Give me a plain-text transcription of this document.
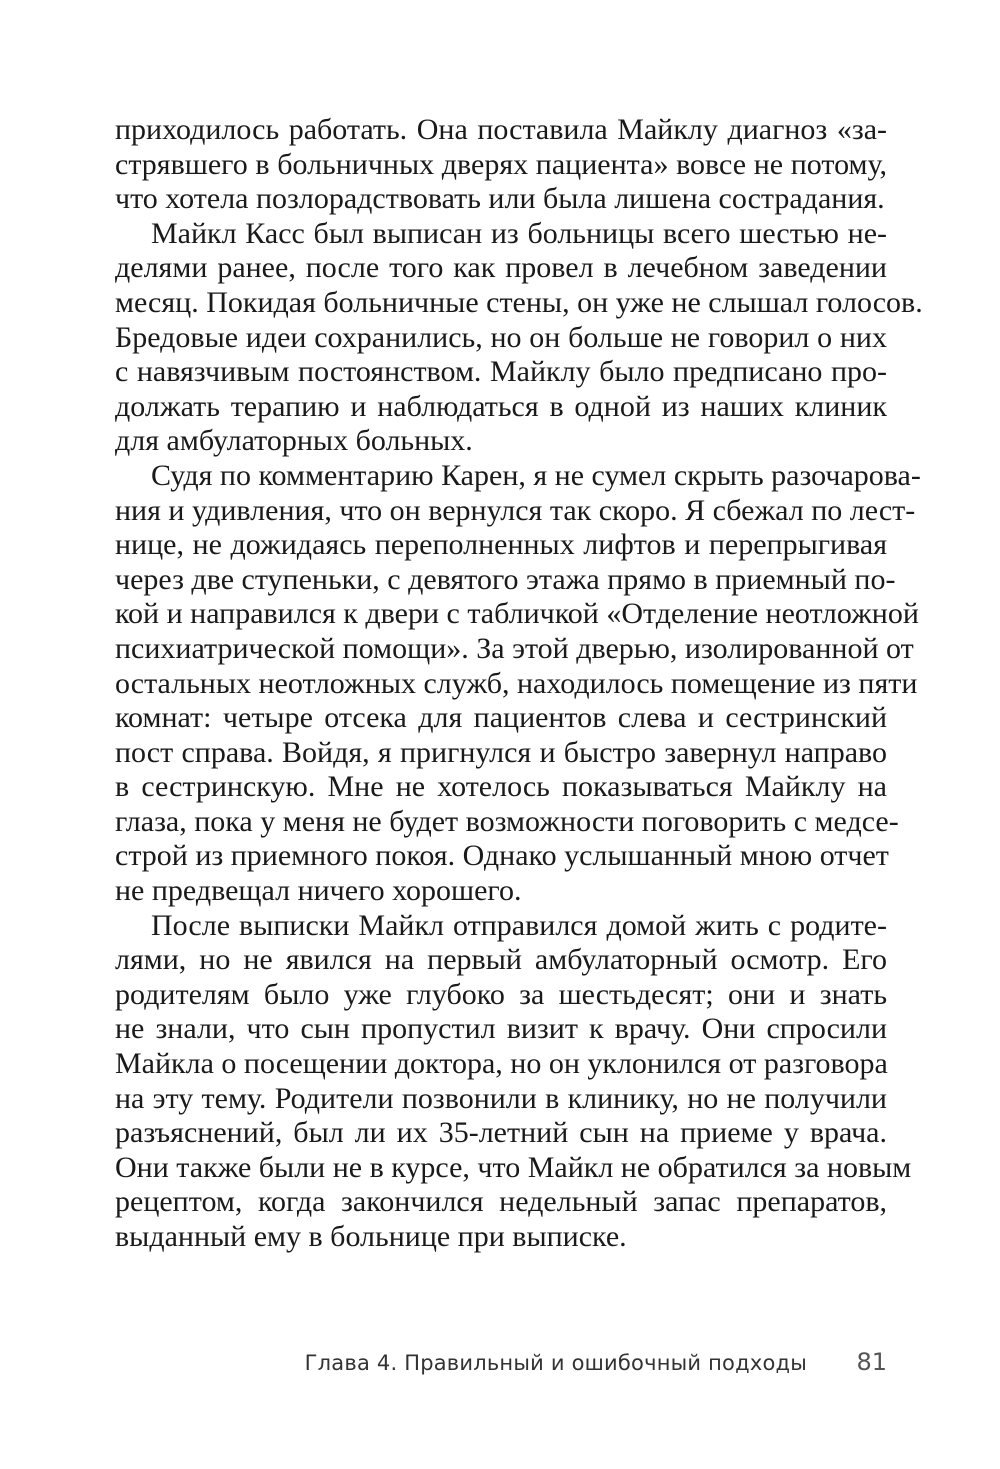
приходилось работать. Она поставила Майклу диагноз «за-
стрявшего в больничных дверях пациента» вовсе не потому,
что хотела позлорадствовать или была лишена сострадания.
Майкл Касс был выписан из больницы всего шестью не-
делями ранее, после того как провел в лечебном заведении
месяц. Покидая больничные стены, он уже не слышал голосов.
Бредовые идеи сохранились, но он больше не говорил о них
с навязчивым постоянством. Майклу было предписано про-
должать терапию и наблюдаться в одной из наших клиник
для амбулаторных больных.
Судя по комментарию Карен, я не сумел скрыть разочарова-
ния и удивления, что он вернулся так скоро. Я сбежал по лест-
нице, не дожидаясь переполненных лифтов и перепрыгивая
через две ступеньки, с девятого этажа прямо в приемный по-
кой и направился к двери с табличкой «Отделение неотложной
психиатрической помощи». За этой дверью, изолированной от
остальных неотложных служб, находилось помещение из пяти
комнат: четыре отсека для пациентов слева и сестринский
пост справа. Войдя, я пригнулся и быстро завернул направо
в сестринскую. Мне не хотелось показываться Майклу на
глаза, пока у меня не будет возможности поговорить с медсе-
строй из приемного покоя. Однако услышанный мною отчет
не предвещал ничего хорошего.
После выписки Майкл отправился домой жить с родите-
лями, но не явился на первый амбулаторный осмотр. Его
родителям было уже глубоко за шестьдесят; они и знать
не знали, что сын пропустил визит к врачу. Они спросили
Майкла о посещении доктора, но он уклонился от разговора
на эту тему. Родители позвонили в клинику, но не получили
разъяснений, был ли их 35-летний сын на приеме у врача.
Они также были не в курсе, что Майкл не обратился за новым
рецептом, когда закончился недельный запас препаратов,
выданный ему в больнице при выписке.
Глава 4. Правильный и ошибочный подходы 81
